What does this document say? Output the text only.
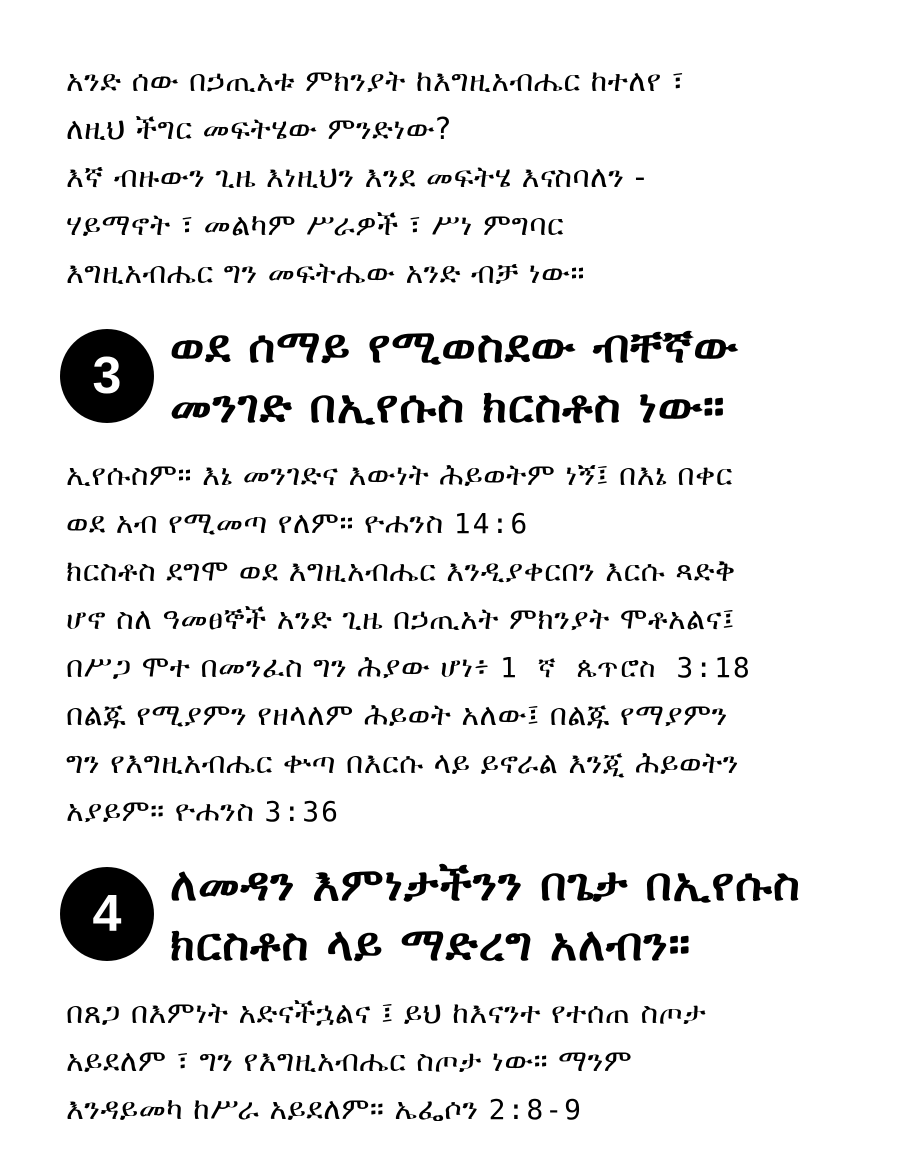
አንድ ሰው በኃጢአቱ ምክንያት ከእግዚአብሔር ከተለየ ፣
ለዚህ ችግር መፍትሄው ምንድነው?
እኛ ብዙውን ጊዜ እነዚህን እንደ መፍትሄ እናስባለን -
ሃይማኖት ፣ መልካም ሥራዎች ፣ ሥነ ምግባር
እግዚአብሔር ግን መፍትሔው አንድ ብቻ ነው።
3
ወደ ሰማይ የሚወስደው ብቸኛው
መንገድ በኢየሱስ ክርስቶስ ነው።
ኢየሱስም። እኔ መንገድና እውነት ሕይወትም ነኝ፤ በእኔ በቀር
ወደ አብ የሚመጣ የለም። ዮሐንስ 14:6
ክርስቶስ ደግሞ ወደ እግዚአብሔር እንዲያቀርበን እርሱ ጻድቅ
ሆኖ ስለ ዓመፀኞች አንድ ጊዜ በኃጢአት ምክንያት ሞቶአልና፤
በሥጋ ሞተ በመንፈስ ግን ሕያው ሆነ፥ 1 ኛ ጴጥሮስ 3:18
በልጁ የሚያምን የዘላለም ሕይወት አለው፤ በልጁ የማያምን
ግን የእግዚአብሔር ቍጣ በእርሱ ላይ ይኖራል እንጂ ሕይወትን
አያይም። ዮሐንስ 3:36
4
ለመዳን እምነታችንን በጌታ በኢየሱስ
ክርስቶስ ላይ ማድረግ አለብን።
በጸጋ በእምነት አድናችኋልና ፤ ይህ ከእናንተ የተሰጠ ስጦታ
አይደለም ፣ ግን የእግዚአብሔር ስጦታ ነው። ማንም
እንዳይመካ ከሥራ አይደለም። ኤፌሶን 2:8-9
